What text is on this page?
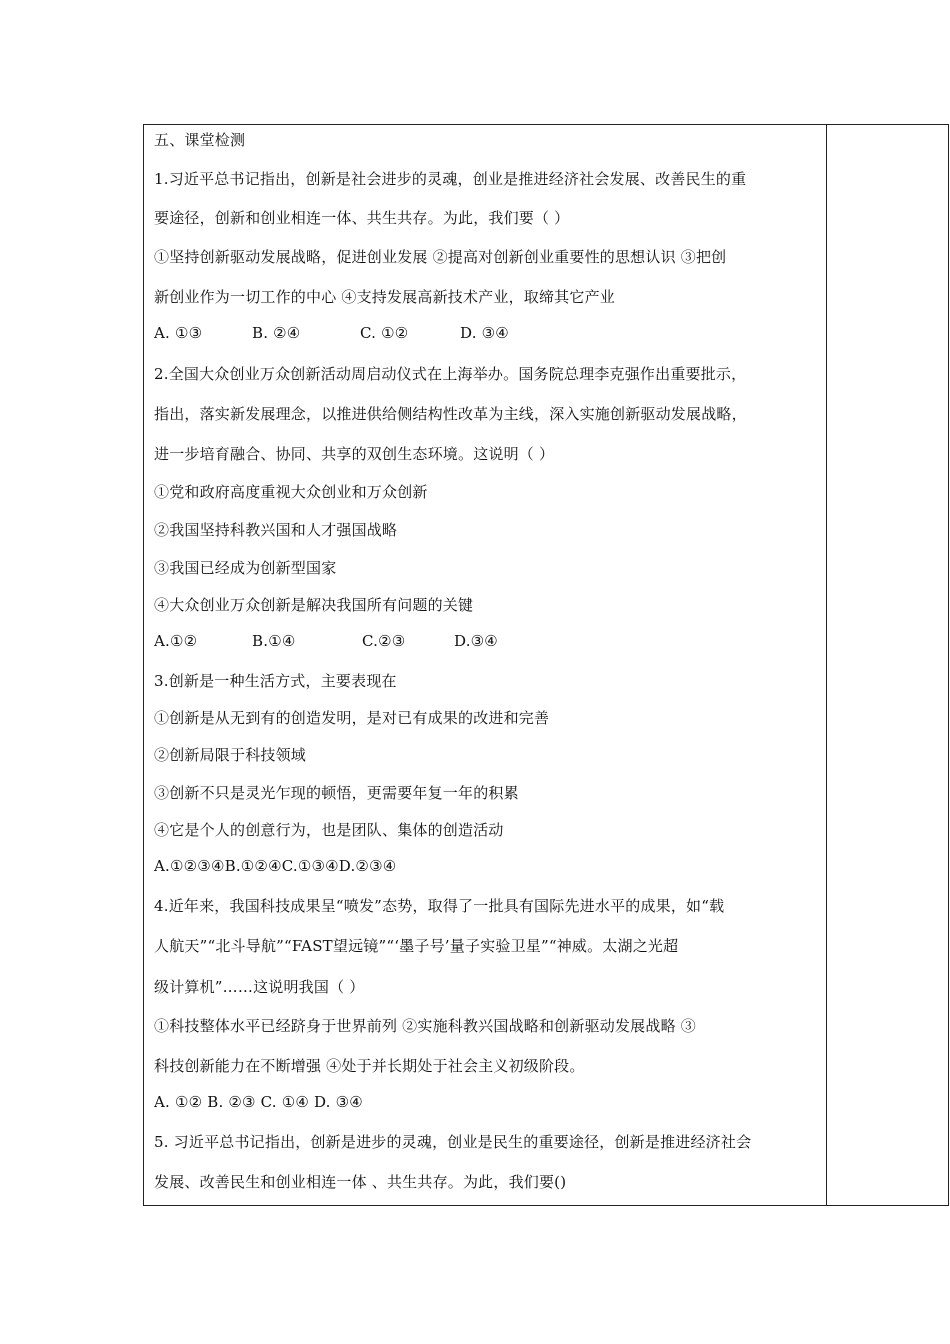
五、课堂检测
1.习近平总书记指出，创新是社会进步的灵魂，创业是推进经济社会发展、改善民生的重
要途径，创新和创业相连一体、共生共存。为此，我们要（ ）
①坚持创新驱动发展战略，促进创业发展 ②提高对创新创业重要性的思想认识 ③把创
新创业作为一切工作的中心 ④支持发展高新技术产业，取缔其它产业
A. ①③	B. ②④	C. ①②	D. ③④
2.全国大众创业万众创新活动周启动仪式在上海举办。国务院总理李克强作出重要批示，
指出，落实新发展理念，以推进供给侧结构性改革为主线，深入实施创新驱动发展战略，
进一步培育融合、协同、共享的双创生态环境。这说明（ ）
①党和政府高度重视大众创业和万众创新
②我国坚持科教兴国和人才强国战略
③我国已经成为创新型国家
④大众创业万众创新是解决我国所有问题的关键
A.①②	B.①④	C.②③	D.③④
3.创新是一种生活方式，主要表现在
①创新是从无到有的创造发明，是对已有成果的改进和完善
②创新局限于科技领域
③创新不只是灵光乍现的顿悟，更需要年复一年的积累
④它是个人的创意行为，也是团队、集体的创造活动
A.①②③④B.①②④C.①③④D.②③④
4.近年来，我国科技成果呈“喷发”态势，取得了一批具有国际先进水平的成果，如“载
人航天”“北斗导航”“FAST望远镜”“‘墨子号’量子实验卫星”“神威。太湖之光超
级计算机”……这说明我国（ ）
①科技整体水平已经跻身于世界前列 ②实施科教兴国战略和创新驱动发展战略 ③
科技创新能力在不断增强 ④处于并长期处于社会主义初级阶段。
A. ①② B. ②③ C. ①④ D. ③④
5. 习近平总书记指出，创新是进步的灵魂，创业是民生的重要途径，创新是推进经济社会
发展、改善民生和创业相连一体 、共生共存。为此，我们要()
